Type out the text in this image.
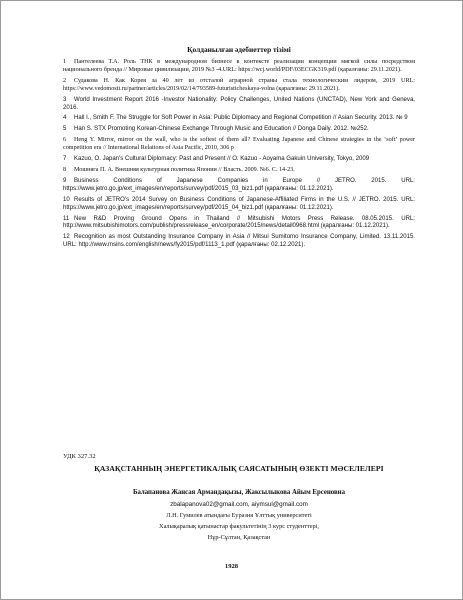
Қолданылған әдебиеттер тізімі
1 Пантелеева Т.А. Роль ТНК в международном бизнесе в контексте реализации концепции мягкой силы посредством национального бренда // Мировые цивилизации, 2019 №3 -4.URL: https://wcj.world/PDF/03ECGK319.pdf (қаралғаны: 29.11.2021).
2 Судакова Н. Как Корея за 40 лет из отсталой аграрной страны стала технологическим лидером, 2019 URL: https://www.vedomosti.ru/partner/articles/2019/02/14/793589-futuristicheskaya-volna (қаралғаны: 29.11.2021).
3 World Investment Report 2016 -Investor Nationality: Policy Challenges, United Nations (UNCTAD), New York and Geneva, 2016.
4 Hall I., Smith F. The Struggle for Soft Power in Asia: Public Diplomacy and Regional Competition // Asian Security. 2013. № 9
5 Han S. STX Promoting Korean-Chinese Exchange Through Music and Education // Donga Daily. 2012. №252.
6 Heng Y. Mirror, mirror on the wall, who is the softest of them all? Evaluating Japanese and Chinese strategies in the ‘soft’ power competition era // International Relations of Asia Pacific, 2010, 306 p
7 Kazuo, O. Japan’s Cultural Diplomacy: Past and Present // O. Kazuo - Aoyama Gakuin University, Tokyo, 2009
8 Мошняга П. А. Внешняя культурная политика Японии // Власть. 2009. №6. С. 14-23.
9 Business Conditions of Japanese Companies in Europe // JETRO. 2015. URL: https://www.jetro.go.jp/ext_images/en/reports/survey/pdf/2015_03_biz1.pdf (қаралғаны: 01.12.2021).
10 Results of JETRO’s 2014 Survey on Business Conditions of Japanese-Affiliated Firms in the U.S. // JETRO. 2015. URL: https://www.jetro.go.jp/ext_images/en/reports/survey/pdf/2015_04_biz1.pdf (қаралғаны: 01.12.2021).
11 New R&D Proving Ground Opens in Thailand // Mitsubishi Motors Press Release. 08.05.2015. URL: http://www.mitsubishimotors.com/publish/pressrelease_en/corporate/2015/news/detail0968.html (қаралғаны: 01.12.2021).
12 Recognition as most Outstanding Insurance Company in Asia // Mitsui Sumitomo Insurance Company, Limited. 13.11.2015. URL: http://www.msins.com/english/news/fy2015/pdf/1113_1.pdf (қаралғаны: 02.12.2021).
УДК 327.32
ҚАЗАҚСТАННЫҢ ЭНЕРГЕТИКАЛЫҚ САЯСАТЫНЫҢ ӨЗЕКТІ МӘСЕЛЕЛЕРІ
Балапанова Жансая Армандақызы, Жаксылыкова Айым Ерсеновна
zbalapanova02@gmail.com, aiymsul@gmail.com
Л.Н. Гумилев атындағы Еуразия Ұлттық университеті
Халықаралық қатынастар факультетінің 3 курс студенттері,
Нұр-Сұлтан, Қазақстан
1928
